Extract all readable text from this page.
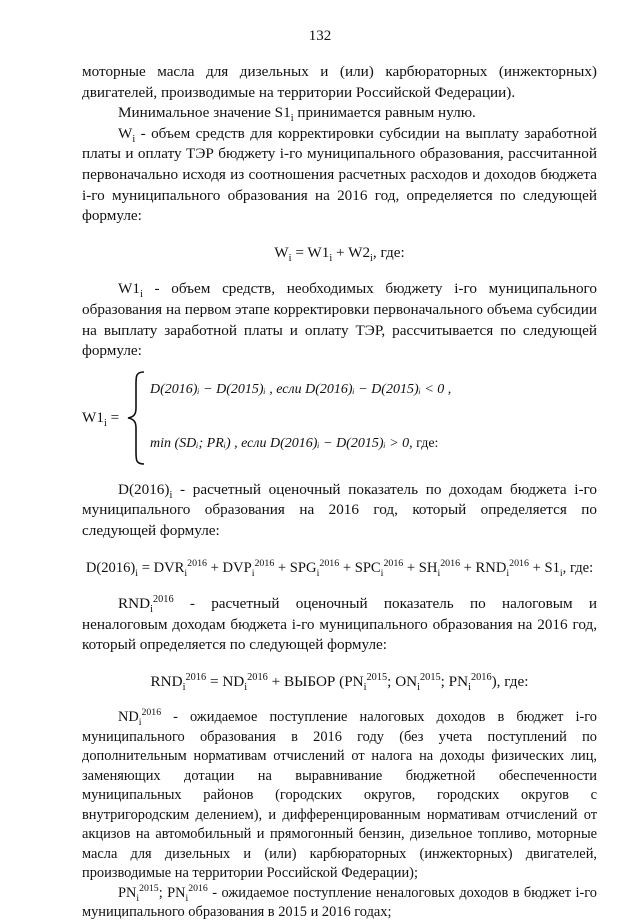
132

моторные масла для дизельных и (или) карбюраторных (инжекторных) двигателей, производимые на территории Российской Федерации).

Минимальное значение $S1_i$ принимается равным нулю.

$W_i$ - объем средств для корректировки субсидии на выплату заработной платы и оплату ТЭР бюджету i-го муниципального образования, рассчитанной первоначально исходя из соотношения расчетных расходов и доходов бюджета i-го муниципального образования на 2016 год, определяется по следующей формуле:

$W_i = W1_i + W2_i$, где:

$W1_i$ - объем средств, необходимых бюджету i-го муниципального образования на первом этапе корректировки первоначального объема субсидии на выплату заработной платы и оплату ТЭР, рассчитывается по следующей формуле:

$W1_i$ =
D(2016)ᵢ − D(2015)ᵢ , если D(2016)ᵢ − D(2015)ᵢ < 0 ,
min (SDᵢ; PRᵢ) , если D(2016)ᵢ − D(2015)ᵢ > 0, где:

$D(2016)_i$ - расчетный оценочный показатель по доходам бюджета i-го муниципального образования на 2016 год, который определяется по следующей формуле:

$D(2016)_i = DVR_i^{2016} + DVP_i^{2016} + SPG_i^{2016} + SPC_i^{2016} + SH_i^{2016} + RND_i^{2016} + S1_i$, где:

$RND_i^{2016}$ - расчетный оценочный показатель по налоговым и неналоговым доходам бюджета i-го муниципального образования на 2016 год, который определяется по следующей формуле:

$RND_i^{2016} = ND_i^{2016}$ + ВЫБОР ($PN_i^{2015}$; $ON_i^{2015}$; $PN_i^{2016}$), где:

$ND_i^{2016}$ - ожидаемое поступление налоговых доходов в бюджет i-го муниципального образования в 2016 году (без учета поступлений по дополнительным нормативам отчислений от налога на доходы физических лиц, заменяющих дотации на выравнивание бюджетной обеспеченности муниципальных районов (городских округов, городских округов с внутригородским делением), и дифференцированным нормативам отчислений от акцизов на автомобильный и прямогонный бензин, дизельное топливо, моторные масла для дизельных и (или) карбюраторных (инжекторных) двигателей, производимые на территории Российской Федерации);

$PN_i^{2015}$; $PN_i^{2016}$ - ожидаемое поступление неналоговых доходов в бюджет i-го муниципального образования в 2015 и 2016 годах;
